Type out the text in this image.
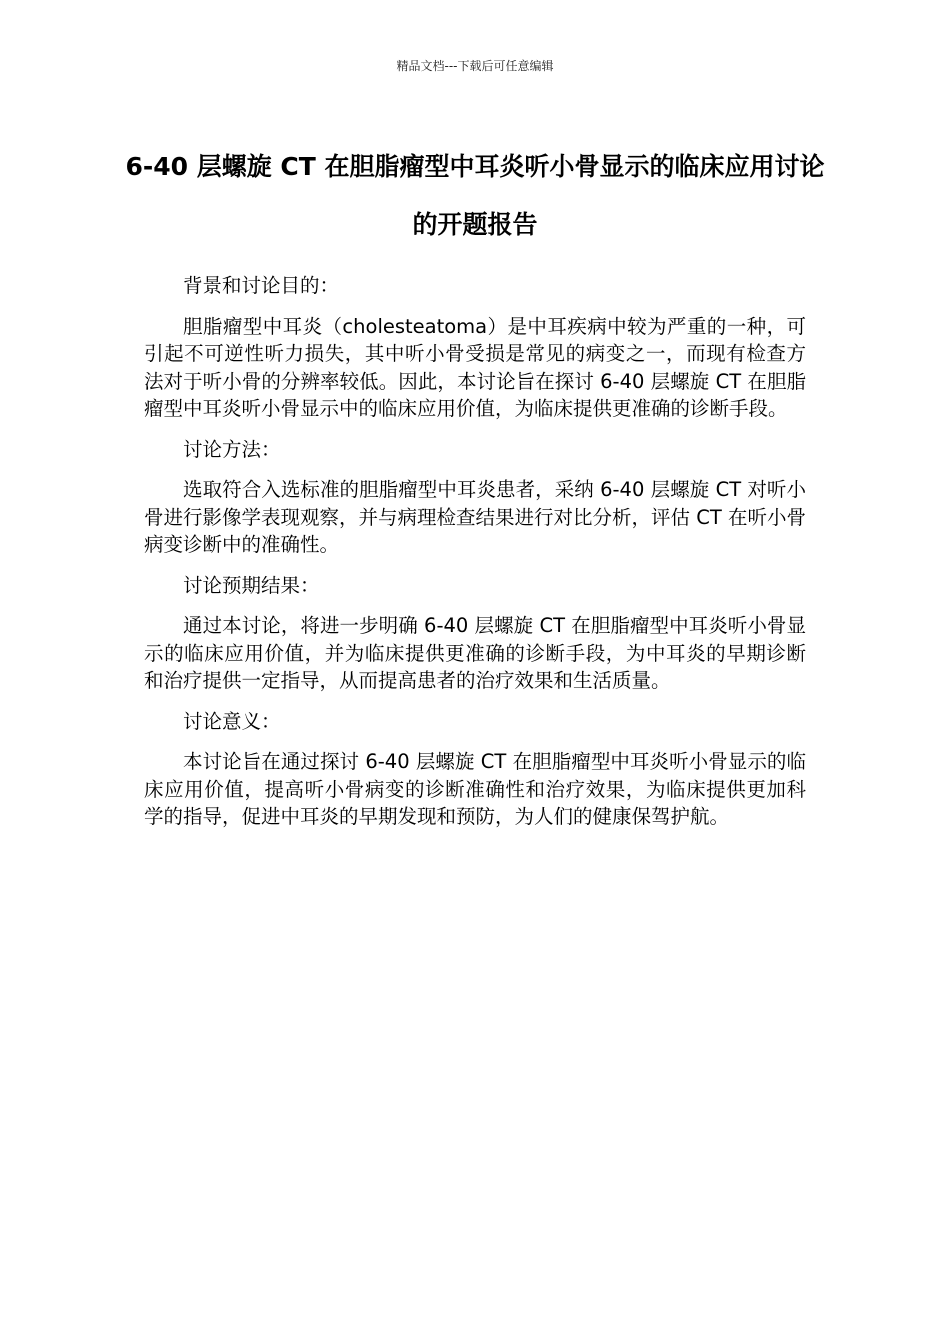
精品文档---下载后可任意编辑
6-40 层螺旋 CT 在胆脂瘤型中耳炎听小骨显示的临床应用讨论的开题报告

背景和讨论目的：

胆脂瘤型中耳炎（cholesteatoma）是中耳疾病中较为严重的一种，可引起不可逆性听力损失，其中听小骨受损是常见的病变之一，而现有检查方法对于听小骨的分辨率较低。因此，本讨论旨在探讨 6-40 层螺旋 CT 在胆脂瘤型中耳炎听小骨显示中的临床应用价值，为临床提供更准确的诊断手段。

讨论方法：

选取符合入选标准的胆脂瘤型中耳炎患者，采纳 6-40 层螺旋 CT 对听小骨进行影像学表现观察，并与病理检查结果进行对比分析，评估 CT 在听小骨病变诊断中的准确性。

讨论预期结果：

通过本讨论，将进一步明确 6-40 层螺旋 CT 在胆脂瘤型中耳炎听小骨显示的临床应用价值，并为临床提供更准确的诊断手段，为中耳炎的早期诊断和治疗提供一定指导，从而提高患者的治疗效果和生活质量。

讨论意义：

本讨论旨在通过探讨 6-40 层螺旋 CT 在胆脂瘤型中耳炎听小骨显示的临床应用价值，提高听小骨病变的诊断准确性和治疗效果，为临床提供更加科学的指导，促进中耳炎的早期发现和预防，为人们的健康保驾护航。
